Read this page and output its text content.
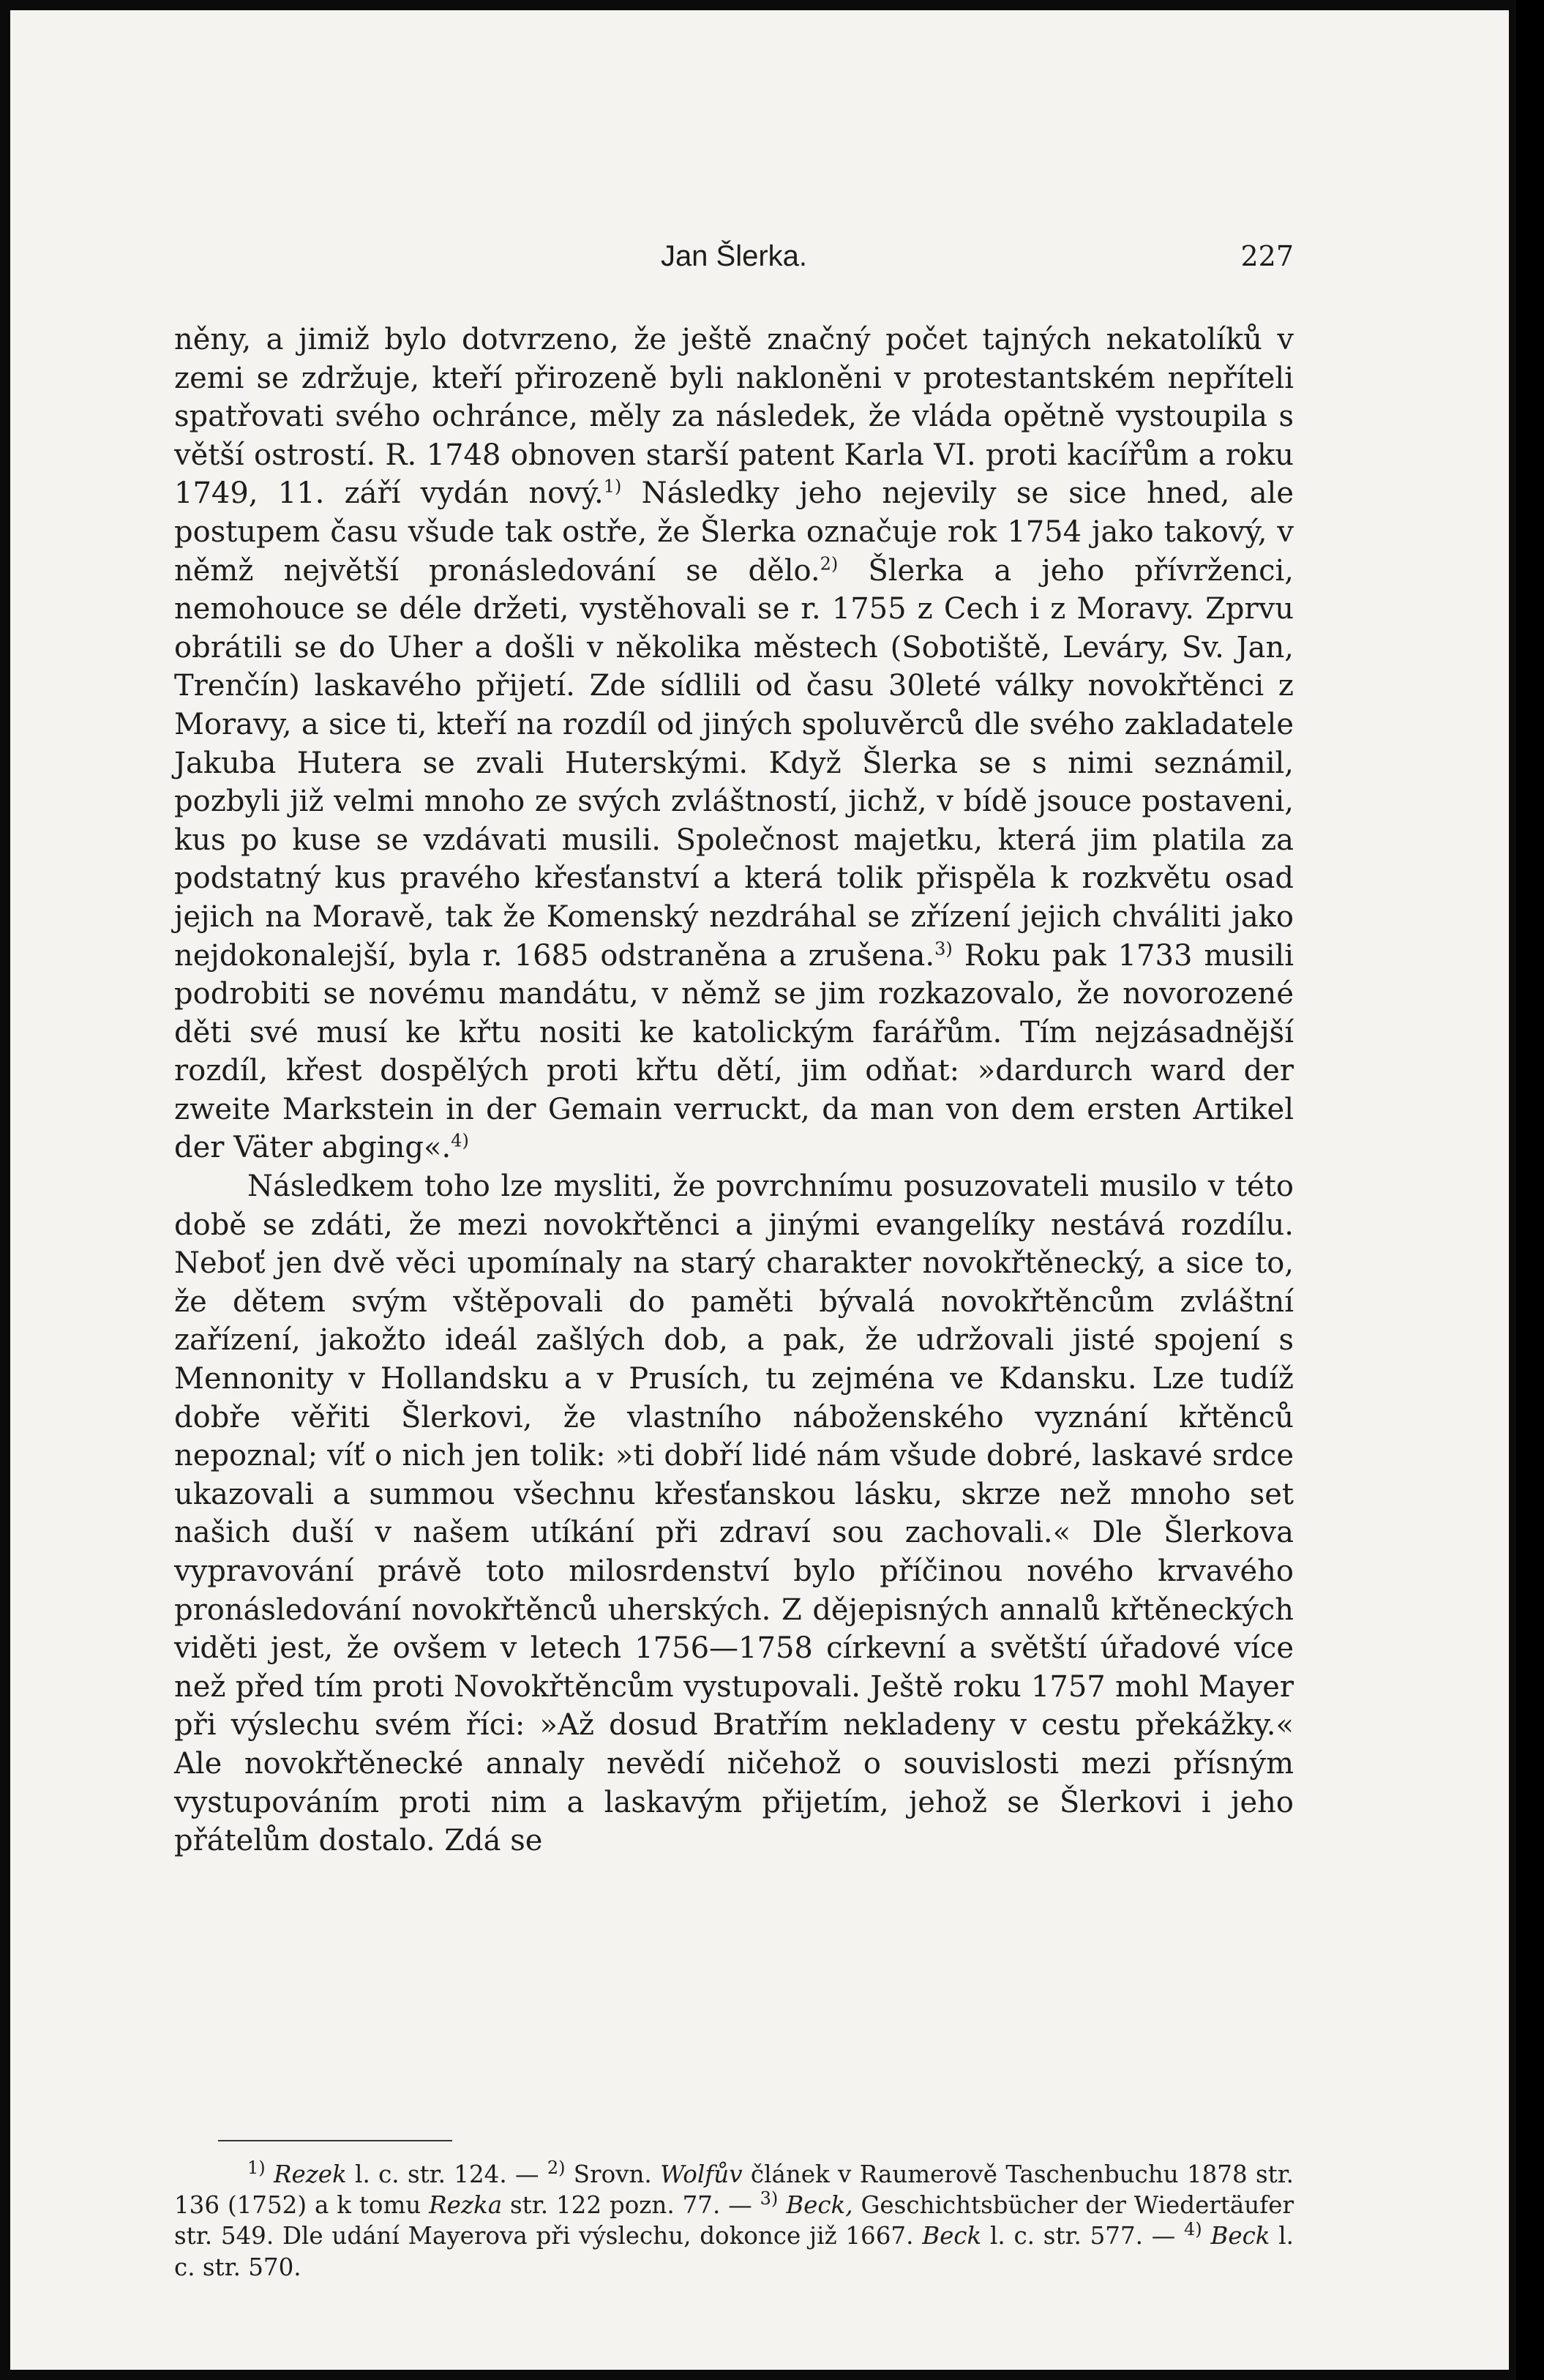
Jan Šlerka.	227

něny, a jimiž bylo dotvrzeno, že ještě značný počet tajných nekatolíků v zemi se zdržuje, kteří přirozeně byli nakloněni v protestantském nepříteli spatřovati svého ochránce, měly za následek, že vláda opětně vystoupila s větší ostrostí. R. 1748 obnoven starší patent Karla VI. proti kacířům a roku 1749, 11. září vydán nový.$^{1)}$ Následky jeho nejevily se sice hned, ale postupem času všude tak ostře, že Šlerka označuje rok 1754 jako takový, v němž největší pronásledování se dělo.$^{2)}$ Šlerka a jeho přívrženci, nemohouce se déle držeti, vystěhovali se r. 1755 z Cech i z Moravy. Zprvu obrátili se do Uher a došli v několika městech (Sobotiště, Leváry, Sv. Jan, Trenčín) laskavého přijetí. Zde sídlili od času 30leté války novokřtěnci z Moravy, a sice ti, kteří na rozdíl od jiných spoluvěrců dle svého zakladatele Jakuba Hutera se zvali Huterskými. Když Šlerka se s nimi seznámil, pozbyli již velmi mnoho ze svých zvláštností, jichž, v bídě jsouce postaveni, kus po kuse se vzdávati musili. Společnost majetku, která jim platila za podstatný kus pravého křesťanství a která tolik přispěla k rozkvětu osad jejich na Moravě, tak že Komenský nezdráhal se zřízení jejich chváliti jako nejdokonalejší, byla r. 1685 odstraněna a zrušena.$^{3)}$ Roku pak 1733 musili podrobiti se novému mandátu, v němž se jim rozkazovalo, že novorozené děti své musí ke křtu nositi ke katolickým farářům. Tím nejzásadnější rozdíl, křest dospělých proti křtu dětí, jim odňat: »dardurch ward der zweite Markstein in der Gemain verruckt, da man von dem ersten Artikel der Väter abging«.$^{4)}$

Následkem toho lze mysliti, že povrchnímu posuzovateli musilo v této době se zdáti, že mezi novokřtěnci a jinými evangelíky nestává rozdílu. Neboť jen dvě věci upomínaly na starý charakter novokřtěnecký, a sice to, že dětem svým vštěpovali do paměti bývalá novokřtěncům zvláštní zařízení, jakožto ideál zašlých dob, a pak, že udržovali jisté spojení s Mennonity v Hollandsku a v Prusích, tu zejména ve Kdansku. Lze tudíž dobře věřiti Šlerkovi, že vlastního náboženského vyznání křtěnců nepoznal; víť o nich jen tolik: »ti dobří lidé nám všude dobré, laskavé srdce ukazovali a summou všechnu křesťanskou lásku, skrze než mnoho set našich duší v našem utíkání při zdraví sou zachovali.« Dle Šlerkova vypravování právě toto milosrdenství bylo příčinou nového krvavého pronásledování novokřtěnců uherských. Z dějepisných annalů křtěneckých viděti jest, že ovšem v letech 1756—1758 církevní a světští úřadové více než před tím proti Novokřtěncům vystupovali. Ještě roku 1757 mohl Mayer při výslechu svém říci: »Až dosud Bratřím nekladeny v cestu překážky.« Ale novokřtěnecké annaly nevědí ničehož o souvislosti mezi přísným vystupováním proti nim a laskavým přijetím, jehož se Šlerkovi i jeho přátelům dostalo. Zdá se

$^{1)}$ Rezek l. c. str. 124. — $^{2)}$ Srovn. Wolfův článek v Raumerově Taschenbuchu 1878 str. 136 (1752) a k tomu Rezka str. 122 pozn. 77. — $^{3)}$ Beck, Geschichtsbücher der Wiedertäufer str. 549. Dle udání Mayerova při výslechu, dokonce již 1667. Beck l. c. str. 577. — $^{4)}$ Beck l. c. str. 570.
